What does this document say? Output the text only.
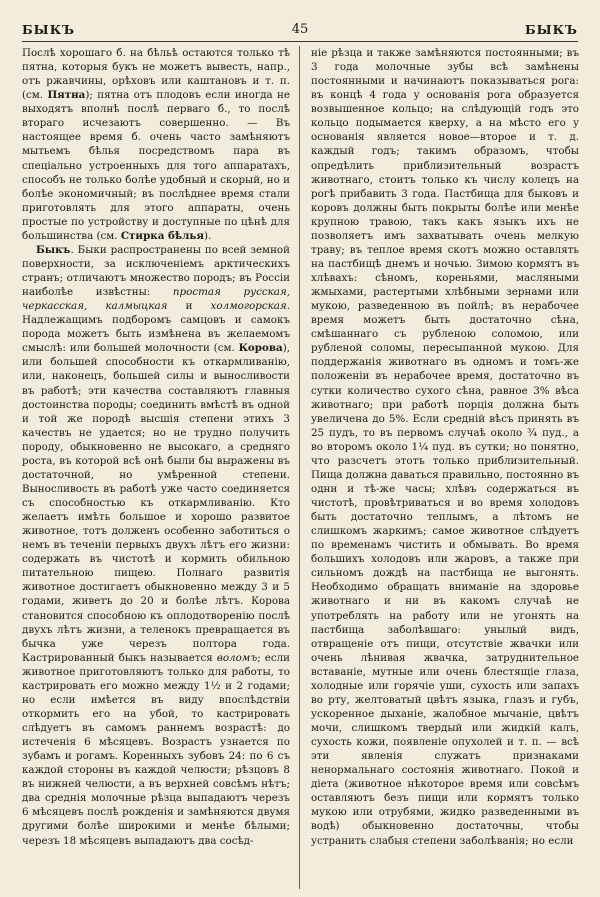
БЫКЪ	45	БЫКЪ

Послѣ хорошаго б. на бѣльѣ остаются только тѣ пятна, которыя букъ не можетъ вывесть, напр., отъ ржавчины, орѣховъ или каштановъ и т. п. (см. Пятна); пятна отъ плодовъ если иногда не выходятъ вполнѣ послѣ перваго б., то послѣ втораго исчезаютъ совершенно. — Въ настоящее время б. очень часто замѣняютъ мытьемъ бѣлья посредствомъ пара въ спеціально устроенныхъ для того аппаратахъ, способъ не только болѣе удобный и скорый, но и болѣе экономичный; въ послѣднее время стали приготовлять для этого аппараты, очень простые по устройству и доступные по цѣнѣ для большинства (см. Стирка бѣлья).

Быкъ. Быки распространены по всей земной поверхности, за исключеніемъ арктическихъ странъ; отличаютъ множество породъ; въ Россіи наиболѣе извѣстны: простая русская, черкасская, калмыцкая и холмогорская. Надлежащимъ подборомъ самцовъ и самокъ порода можетъ быть измѣнена въ желаемомъ смыслѣ: или большей молочности (см. Корова), или большей способности къ откармливанію, или, наконецъ, большей силы и выносливости въ работѣ; эти качества составляютъ главныя достоинства породы; соединить вмѣстѣ въ одной и той же породѣ высшія степени этихъ 3 качествъ не удается; но не трудно получить породу, обыкновенно не высокаго, а средняго роста, въ которой всѣ онѣ были бы выражены въ достаточной, но умѣренной степени. Выносливость въ работѣ уже часто соединяется съ способностью къ откармливанію. Кто желаетъ имѣть большое и хорошо развитое животное, тотъ долженъ особенно заботиться о немъ въ теченіи первыхъ двухъ лѣтъ его жизни: содержать въ чистотѣ и кормить обильною питательною пищею. Полнаго развитія животное достигаетъ обыкновенно между 3 и 5 годами, живетъ до 20 и болѣе лѣтъ. Корова становится способною къ оплодотворенію послѣ двухъ лѣтъ жизни, а теленокъ превращается въ бычка уже черезъ полтора года. Кастрированный быкъ называется воломъ; если животное приготовляютъ только для работы, то кастрировать его можно между 1½ и 2 годами; но если имѣется въ виду впослѣдствіи откормить его на убой, то кастрировать слѣдуетъ въ самомъ раннемъ возрастѣ: до истеченія 6 мѣсяцевъ. Возрастъ узнается по зубамъ и рогамъ. Коренныхъ зубовъ 24: по 6 съ каждой стороны въ каждой челюсти; рѣзцовъ 8 въ нижней челюсти, а въ верхней совсѣмъ нѣтъ; два среднія молочные рѣзца выпадаютъ черезъ 6 мѣсяцевъ послѣ рожденія и замѣняются двумя другими болѣе широкими и менѣе бѣлыми; черезъ 18 мѣсяцевъ выпадаютъ два сосѣд-

ніе рѣзца и также замѣняются постоянными; въ 3 года молочные зубы всѣ замѣнены постоянными и начинаютъ показываться рога: въ концѣ 4 года у основанія рога образуется возвышенное кольцо; на слѣдующій годъ это кольцо подымается кверху, а на мѣсто его у основанія является новое—второе и т. д. каждый годъ; такимъ образомъ, чтобы опредѣлить приблизительный возрастъ животнаго, стоитъ только къ числу колецъ на рогѣ прибавить 3 года. Пастбища для быковъ и коровъ должны быть покрыты болѣе или менѣе крупною травою, такъ какъ языкъ ихъ не позволяетъ имъ захватывать очень мелкую траву; въ теплое время скотъ можно оставлять на пастбищѣ днемъ и ночью. Зимою кормятъ въ хлѣвахъ: сѣномъ, кореньями, масляными жмыхами, растертыми хлѣбными зернами или мукою, разведенною въ пойлѣ; въ нерабочее время можетъ быть достаточно сѣна, смѣшаннаго съ рубленою соломою, или рубленой соломы, пересыпанной мукою. Для поддержанія животнаго въ одномъ и томъ-же положеніи въ нерабочее время, достаточно въ сутки количество сухого сѣна, равное 3% вѣса животнаго; при работѣ порція должна быть увеличена до 5%. Если средній вѣсъ принять въ 25 пудъ, то въ первомъ случаѣ около ¾ пуд., а во второмъ около 1¼ пуд. въ сутки; но понятно, что разсчетъ этотъ только приблизительный. Пища должна даваться правильно, постоянно въ одни и тѣ-же часы; хлѣвъ содержаться въ чистотѣ, провѣтриваться и во время холодовъ быть достаточно теплымъ, а лѣтомъ не слишкомъ жаркимъ; самое животное слѣдуетъ по временамъ чистить и обмывать. Во время большихъ холодовъ или жаровъ, а также при сильномъ дождѣ на пастбища не выгонять. Необходимо обращать вниманіе на здоровье животнаго и ни въ какомъ случаѣ не употреблять на работу или не угонять на пастбища заболѣвшаго: унылый видъ, отвращеніе отъ пищи, отсутствіе жвачки или очень лѣнивая жвачка, затруднительное вставаніе, мутные или очень блестящіе глаза, холодные или горячіе уши, сухость или запахъ во рту, желтоватый цвѣтъ языка, глазъ и губъ, ускоренное дыханіе, жалобное мычаніе, цвѣтъ мочи, слишкомъ твердый или жидкій калъ, сухость кожи, появленіе опухолей и т. п. — всѣ эти явленія служатъ признаками ненормальнаго состоянія животнаго. Покой и діета (животное нѣкоторое время или совсѣмъ оставляютъ безъ пищи или кормятъ только мукою или отрубями, жидко разведенными въ водѣ) обыкновенно достаточны, чтобы устранить слабыя степени заболѣванія; но если
